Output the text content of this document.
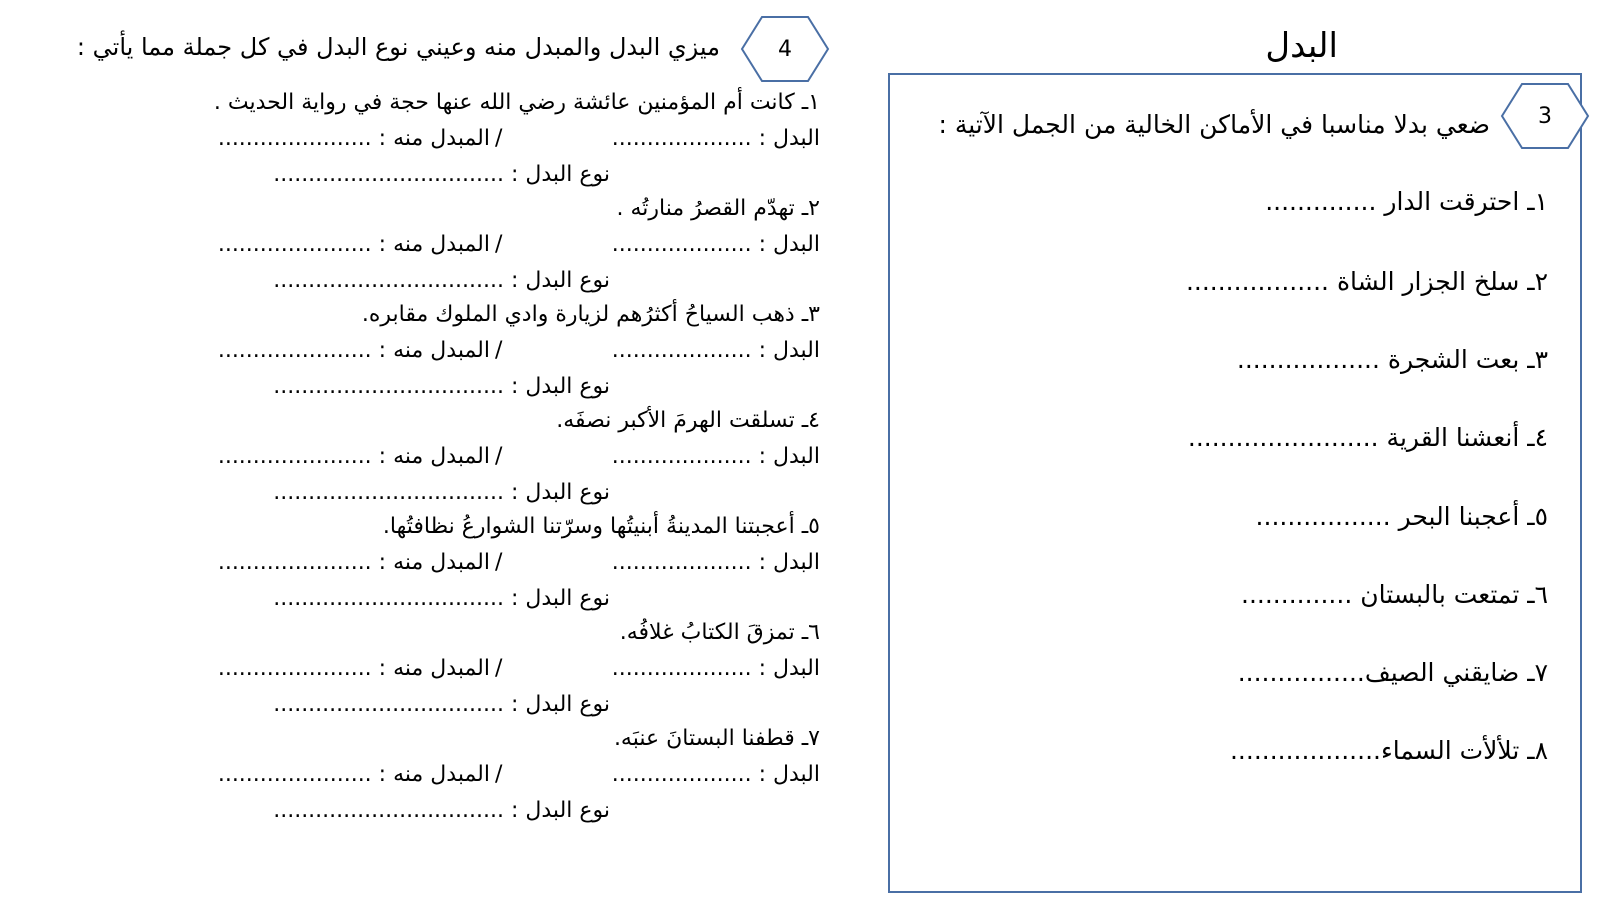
البدل
3
ضعي بدلا مناسبا في الأماكن الخالية من الجمل الآتية :
١ـ احترقت الدار ..............
٢ـ سلخ الجزار الشاة ..................
٣ـ بعت الشجرة ..................
٤ـ أنعشنا القرية ........................
٥ـ أعجبنا البحر .................
٦ـ تمتعت بالبستان ..............
٧ـ ضايقني الصيف................
٨ـ تلألأت السماء...................
4
ميزي البدل والمبدل منه وعيني نوع البدل في كل جملة مما يأتي :
١ـ كانت أم المؤمنين عائشة رضي الله عنها حجة في رواية الحديث .
البدل : ....................
/
المبدل منه : ......................
نوع البدل : .................................
٢ـ تهدّم القصرُ منارتُه .
البدل : ....................
/
المبدل منه : ......................
نوع البدل : .................................
٣ـ ذهب السياحُ أكثرُهم لزيارة وادي الملوك مقابره.
البدل : ....................
/
المبدل منه : ......................
نوع البدل : .................................
٤ـ تسلقت الهرمَ الأكبر نصفَه.
البدل : ....................
/
المبدل منه : ......................
نوع البدل : .................................
٥ـ أعجبتنا المدينةُ أبنيتُها وسرّتنا الشوارعُ نظافتُها.
البدل : ....................
/
المبدل منه : ......................
نوع البدل : .................................
٦ـ تمزقَ الكتابُ غلافُه.
البدل : ....................
/
المبدل منه : ......................
نوع البدل : .................................
٧ـ قطفنا البستانَ عنبَه.
البدل : ....................
/
المبدل منه : ......................
نوع البدل : .................................
